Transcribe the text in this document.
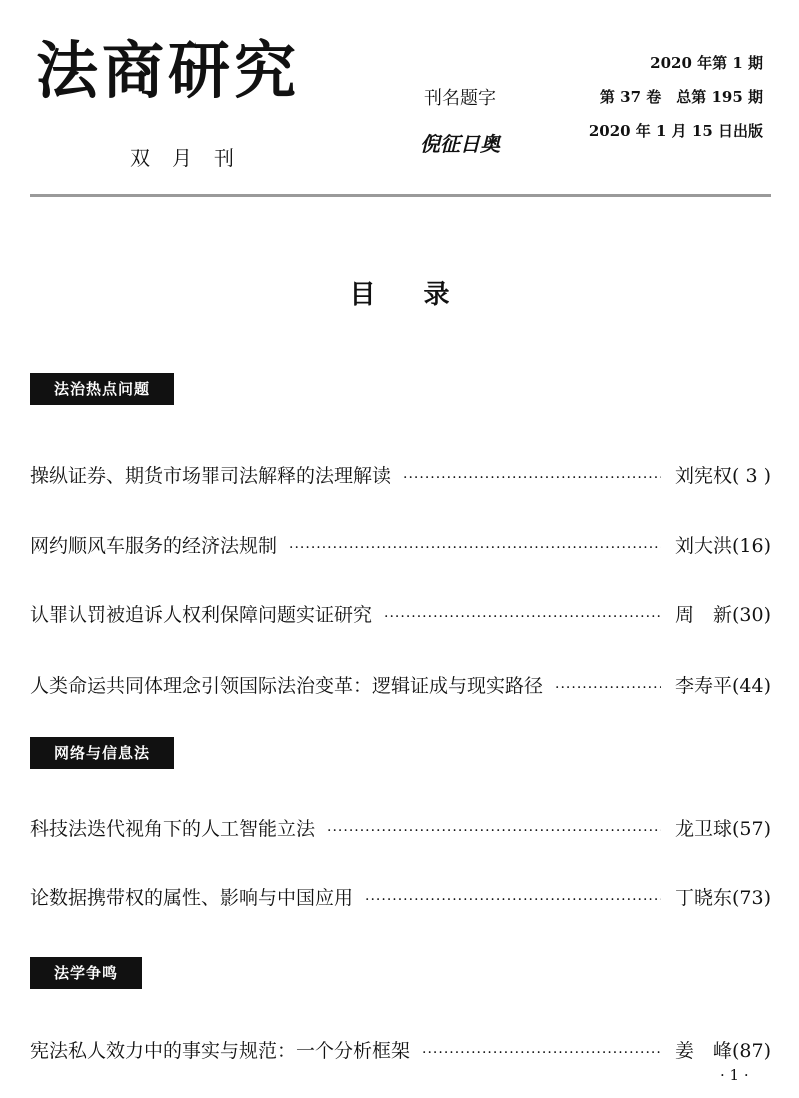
法商研究
双月刊
刊名题字
倪征日奥
2020 年第 1 期
第 37 卷　总第 195 期
2020 年 1 月 15 日出版
目录
法治热点问题
操纵证券、期货市场罪司法解释的法理解读 ·····	刘宪权( 3 )
网约顺风车服务的经济法规制 ·····	刘大洪(16)
认罪认罚被追诉人权利保障问题实证研究 ·····	周　新(30)
人类命运共同体理念引领国际法治变革：逻辑证成与现实路径 ·····	李寿平(44)
网络与信息法
科技法迭代视角下的人工智能立法 ·····	龙卫球(57)
论数据携带权的属性、影响与中国应用 ·····	丁晓东(73)
法学争鸣
宪法私人效力中的事实与规范：一个分析框架 ·····	姜　峰(87)
· 1 ·
